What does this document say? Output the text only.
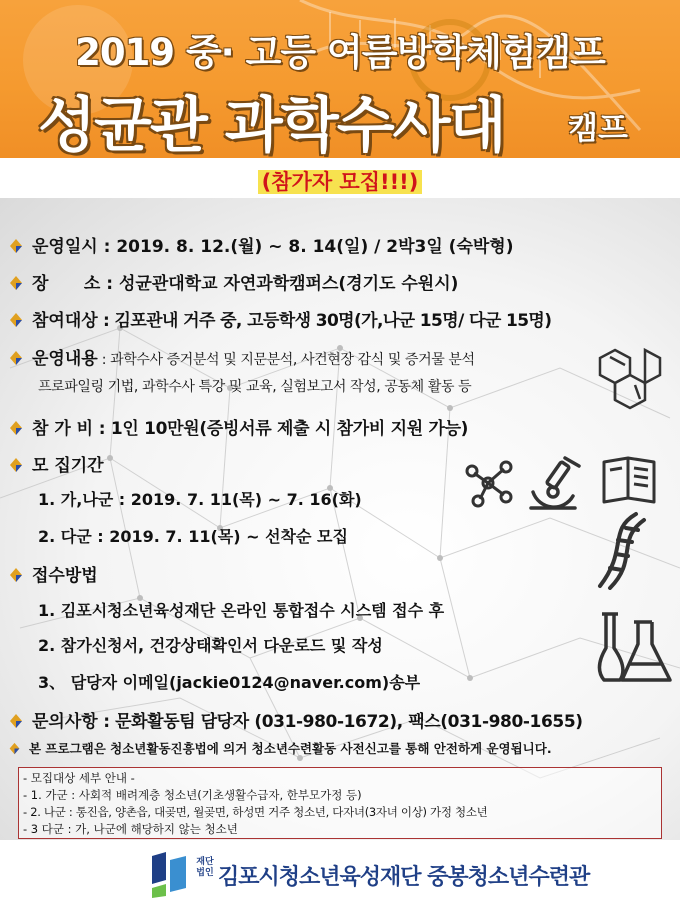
2019 중· 고등 여름방학체험캠프
성균관 과학수사대 캠프
(참가자 모집!!!)
운영일시 : 2019. 8. 12.(월) ~ 8. 14(일) / 2박3일 (숙박형)
장      소 : 성균관대학교 자연과학캠퍼스(경기도 수원시)
참여대상 : 김포관내 거주 중, 고등학생 30명(가,나군 15명/ 다군 15명)
운영내용 : 과학수사 증거분석 및 지문분석, 사건현장 감식 및 증거물 분석
프로파일링 기법, 과학수사 특강 및 교육, 실험보고서 작성, 공동체 활동 등
참 가 비 : 1인 10만원(증빙서류 제출 시 참가비 지원 가능)
모 집기간
1. 가,나군 : 2019. 7. 11(목) ~ 7. 16(화)
2. 다군 : 2019. 7. 11(목) ~ 선착순 모집
접수방법
1. 김포시청소년육성재단 온라인 통합접수 시스템 접수 후
2. 참가신청서, 건강상태확인서 다운로드 및 작성
3、 담당자 이메일(jackie0124@naver.com)송부
문의사항 : 문화활동팀 담당자 (031-980-1672), 팩스(031-980-1655)
본 프로그램은 청소년활동진흥법에 의거 청소년수련활동 사전신고를 통해 안전하게 운영됩니다.
- 모집대상 세부 안내 -
- 1. 가군 : 사회적 배려계층 청소년(기초생활수급자, 한부모가정 등)
- 2. 나군 : 통진읍, 양촌읍, 대곶면, 월곶면, 하성면 거주 청소년, 다자녀(3자녀 이상) 가정 청소년
- 3 다군 : 가, 나군에 해당하지 않는 청소년
재단
법인 김포시청소년육성재단 중봉청소년수련관
